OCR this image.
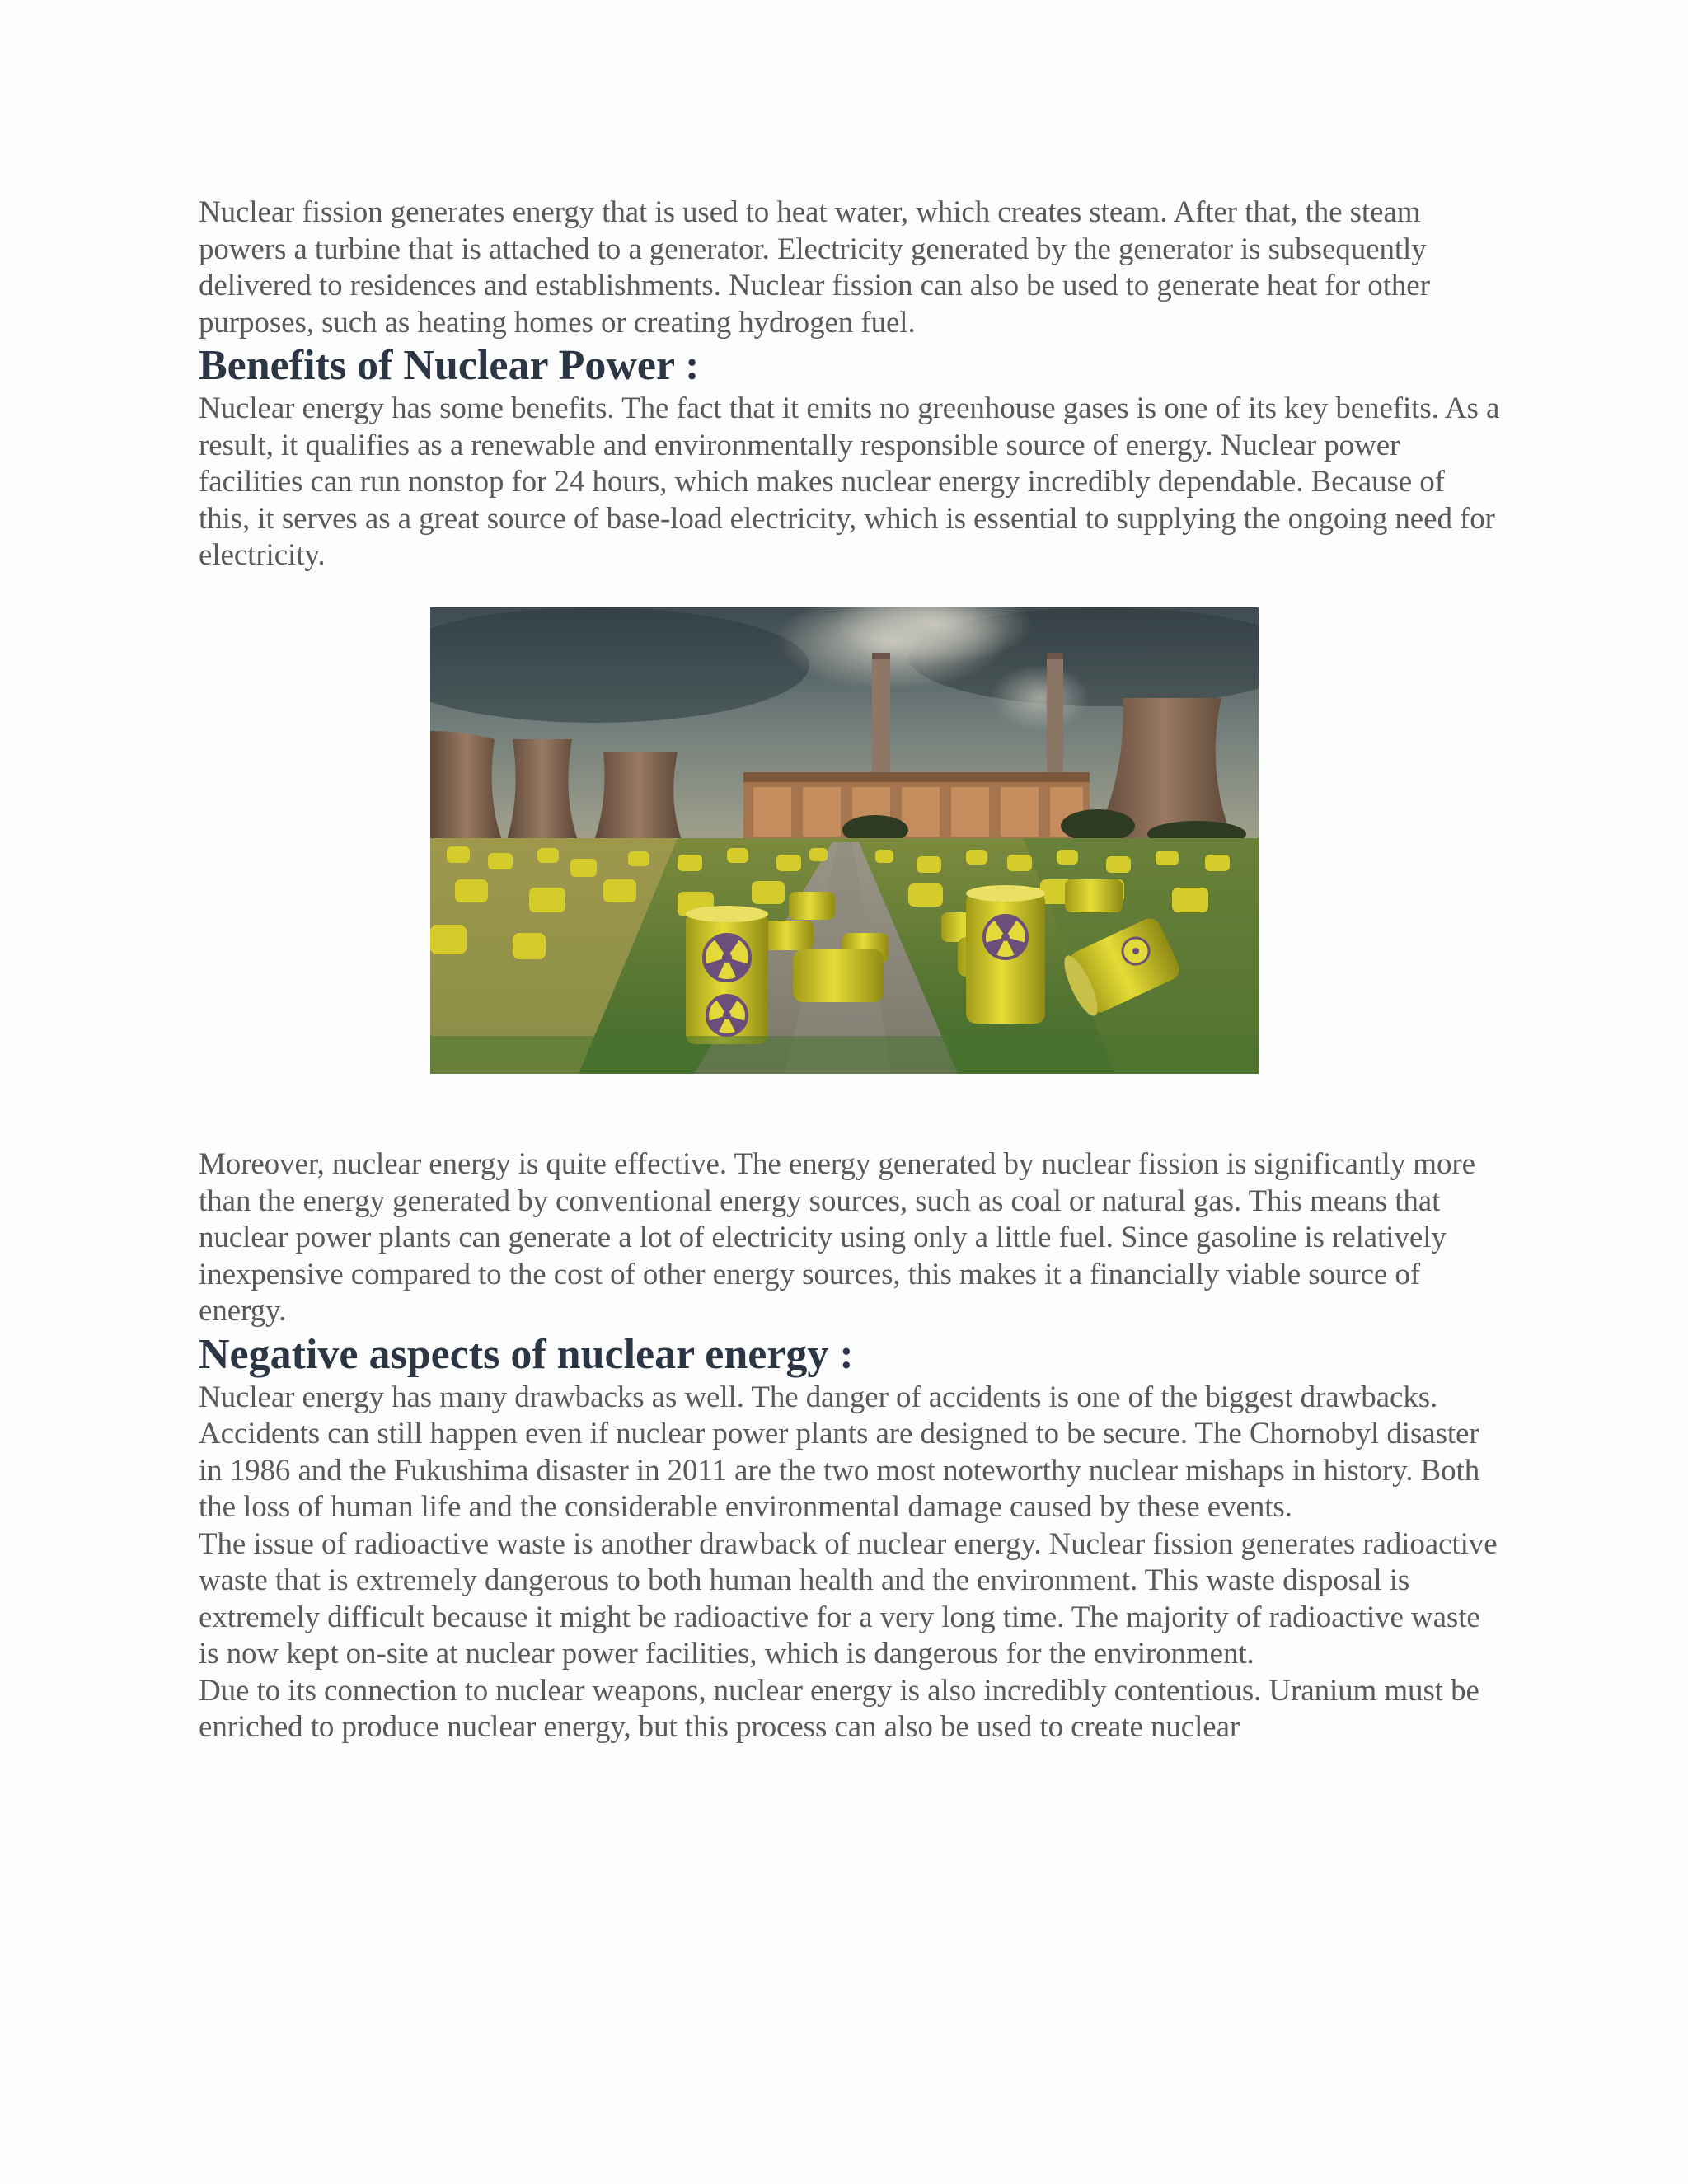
Nuclear fission generates energy that is used to heat water, which creates steam. After that, the steam powers a turbine that is attached to a generator. Electricity generated by the generator is subsequently delivered to residences and establishments. Nuclear fission can also be used to generate heat for other purposes, such as heating homes or creating hydrogen fuel.

Benefits of Nuclear Power :

Nuclear energy has some benefits. The fact that it emits no greenhouse gases is one of its key benefits. As a result, it qualifies as a renewable and environmentally responsible source of energy. Nuclear power facilities can run nonstop for 24 hours, which makes nuclear energy incredibly dependable. Because of this, it serves as a great source of base-load electricity, which is essential to supplying the ongoing need for electricity.

Moreover, nuclear energy is quite effective. The energy generated by nuclear fission is significantly more than the energy generated by conventional energy sources, such as coal or natural gas. This means that nuclear power plants can generate a lot of electricity using only a little fuel. Since gasoline is relatively inexpensive compared to the cost of other energy sources, this makes it a financially viable source of energy.

Negative aspects of nuclear energy :

Nuclear energy has many drawbacks as well. The danger of accidents is one of the biggest drawbacks. Accidents can still happen even if nuclear power plants are designed to be secure. The Chornobyl disaster in 1986 and the Fukushima disaster in 2011 are the two most noteworthy nuclear mishaps in history. Both the loss of human life and the considerable environmental damage caused by these events.

The issue of radioactive waste is another drawback of nuclear energy. Nuclear fission generates radioactive waste that is extremely dangerous to both human health and the environment. This waste disposal is extremely difficult because it might be radioactive for a very long time. The majority of radioactive waste is now kept on-site at nuclear power facilities, which is dangerous for the environment.

Due to its connection to nuclear weapons, nuclear energy is also incredibly contentious. Uranium must be enriched to produce nuclear energy, but this process can also be used to create nuclear
